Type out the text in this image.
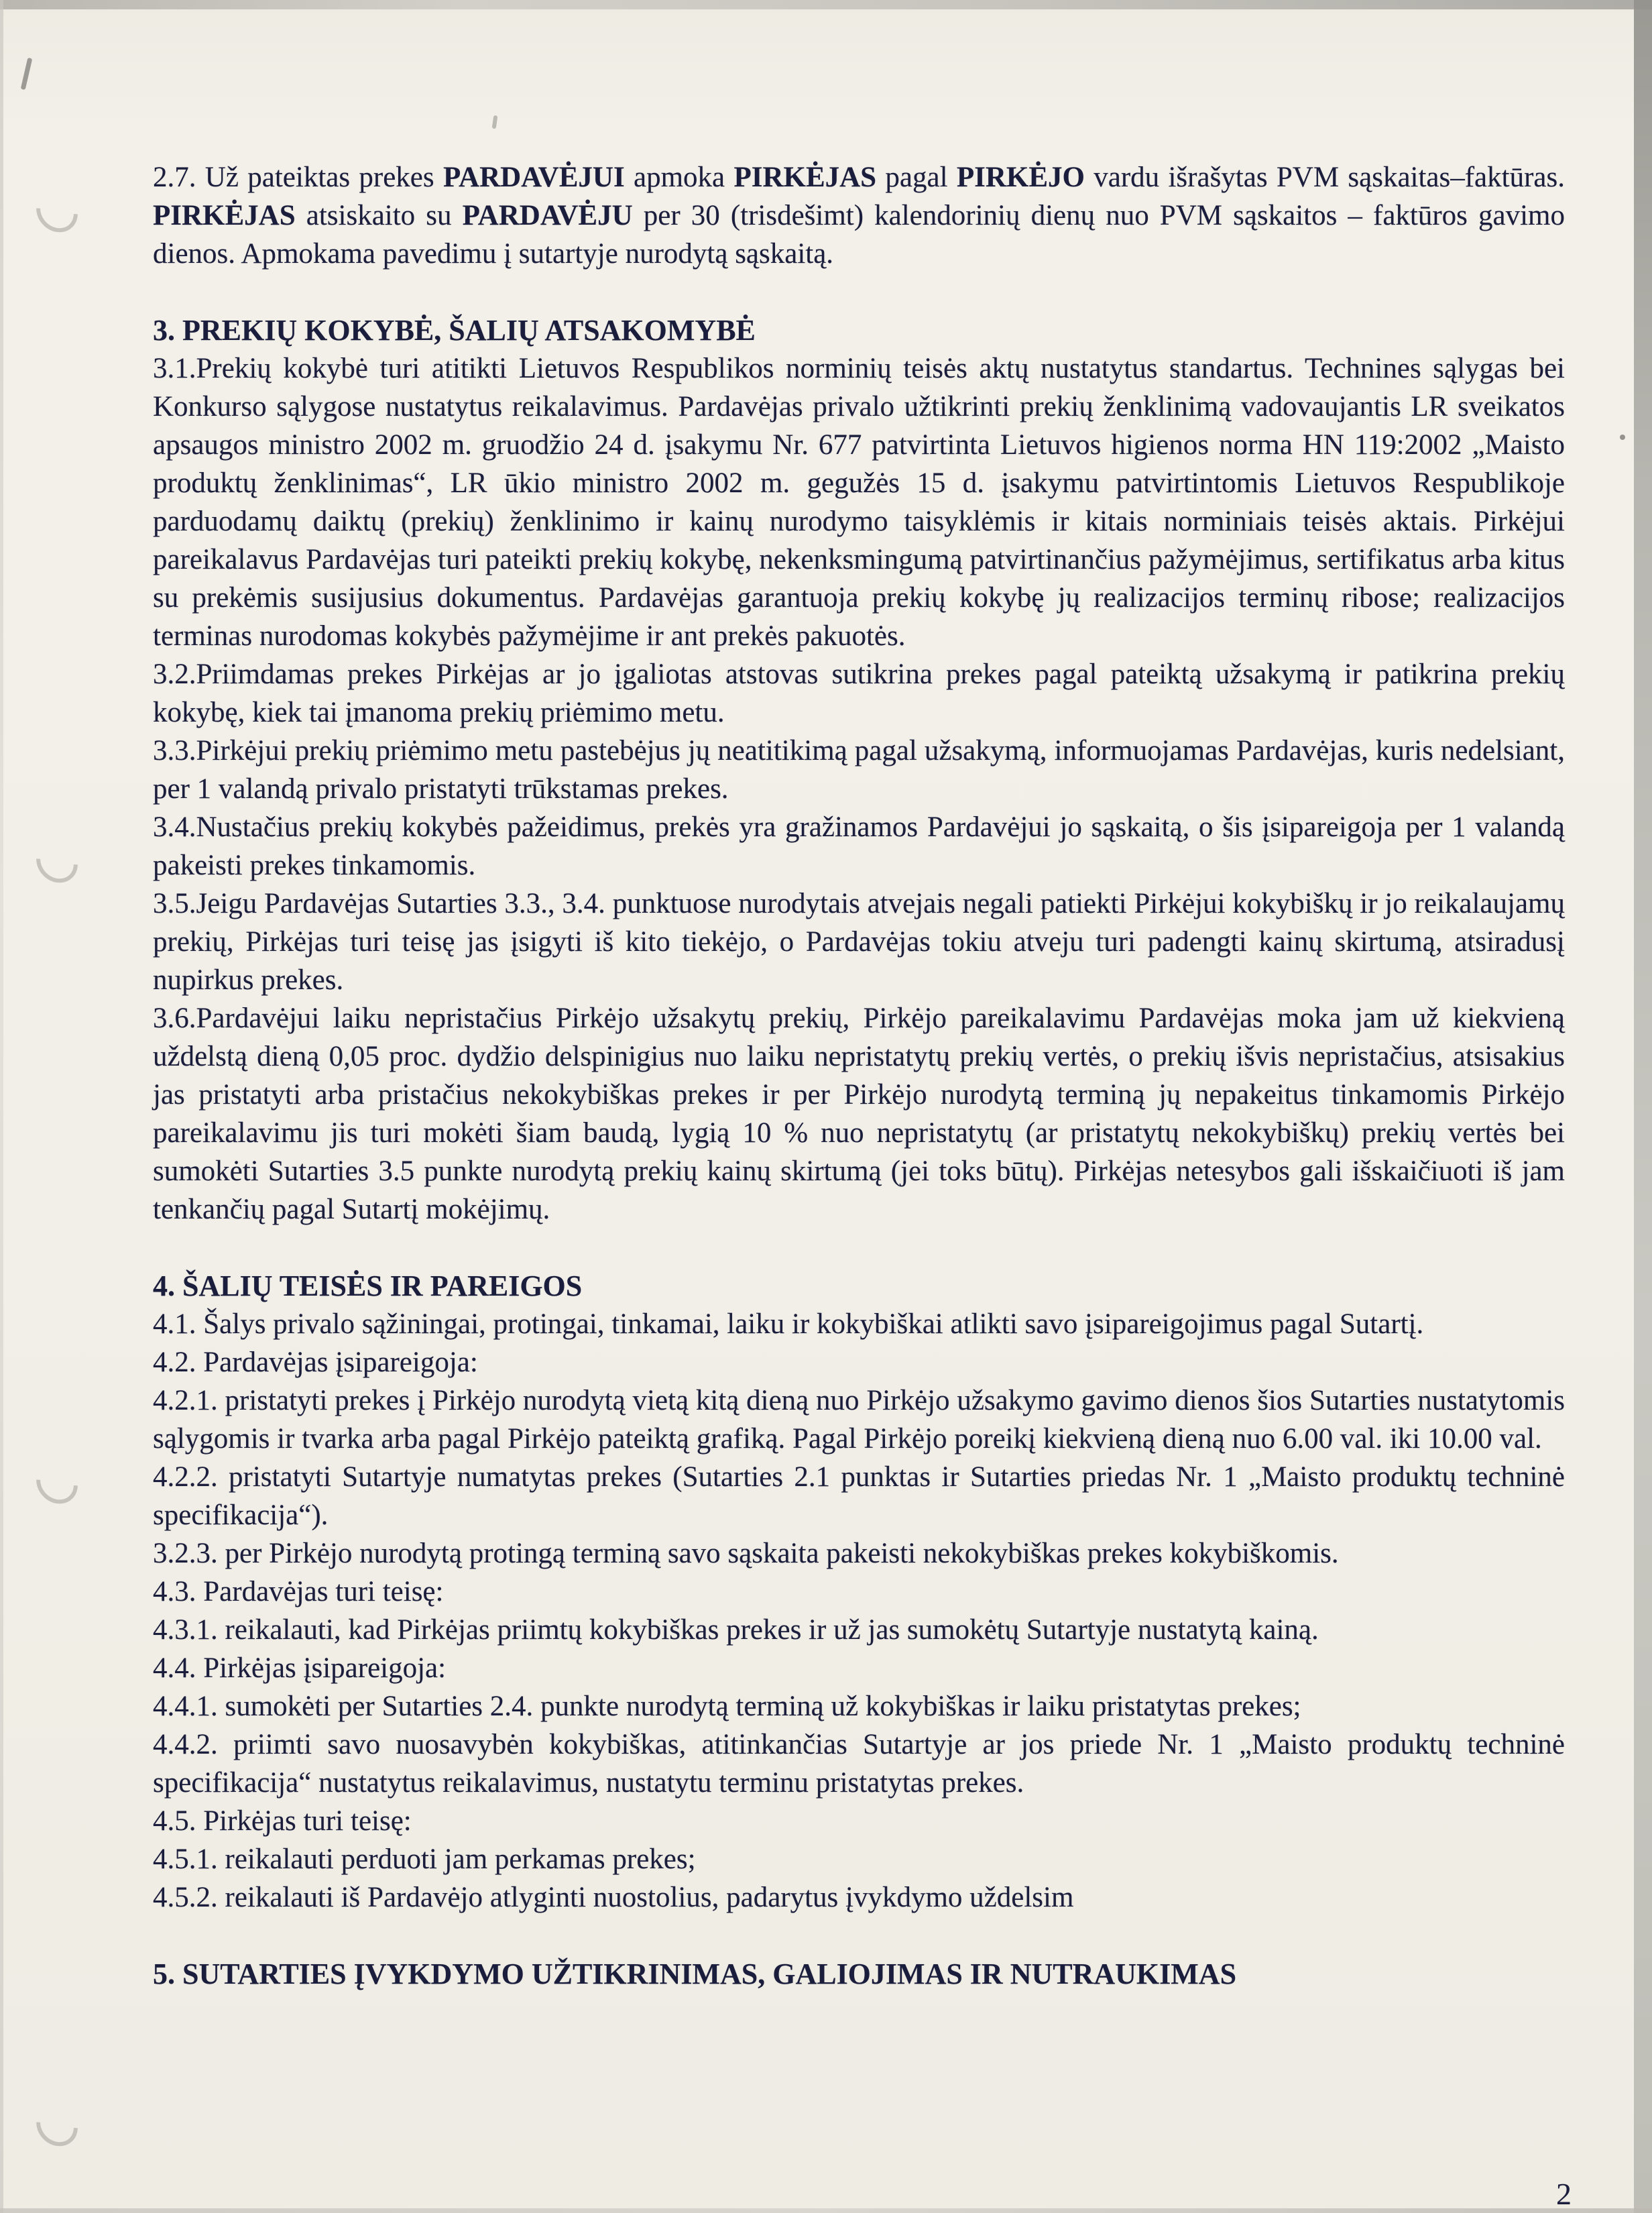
2.7. Už pateiktas prekes PARDAVĖJUI apmoka PIRKĖJAS pagal PIRKĖJO vardu išrašytas PVM sąskaitas–faktūras. PIRKĖJAS atsiskaito su PARDAVĖJU per 30 (trisdešimt) kalendorinių dienų nuo PVM sąskaitos – faktūros gavimo dienos. Apmokama pavedimu į sutartyje nurodytą sąskaitą.

3. PREKIŲ KOKYBĖ, ŠALIŲ ATSAKOMYBĖ

3.1.Prekių kokybė turi atitikti Lietuvos Respublikos norminių teisės aktų nustatytus standartus. Technines sąlygas bei Konkurso sąlygose nustatytus reikalavimus. Pardavėjas privalo užtikrinti prekių ženklinimą vadovaujantis LR sveikatos apsaugos ministro 2002 m. gruodžio 24 d. įsakymu Nr. 677 patvirtinta Lietuvos higienos norma HN 119:2002 „Maisto produktų ženklinimas“, LR ūkio ministro 2002 m. gegužės 15 d. įsakymu patvirtintomis Lietuvos Respublikoje parduodamų daiktų (prekių) ženklinimo ir kainų nurodymo taisyklėmis ir kitais norminiais teisės aktais. Pirkėjui pareikalavus Pardavėjas turi pateikti prekių kokybę, nekenksmingumą patvirtinančius pažymėjimus, sertifikatus arba kitus su prekėmis susijusius dokumentus. Pardavėjas garantuoja prekių kokybę jų realizacijos terminų ribose; realizacijos terminas nurodomas kokybės pažymėjime ir ant prekės pakuotės.

3.2.Priimdamas prekes Pirkėjas ar jo įgaliotas atstovas sutikrina prekes pagal pateiktą užsakymą ir patikrina prekių kokybę, kiek tai įmanoma prekių priėmimo metu.

3.3.Pirkėjui prekių priėmimo metu pastebėjus jų neatitikimą pagal užsakymą, informuojamas Pardavėjas, kuris nedelsiant, per 1 valandą privalo pristatyti trūkstamas prekes.

3.4.Nustačius prekių kokybės pažeidimus, prekės yra gražinamos Pardavėjui jo sąskaitą, o šis įsipareigoja per 1 valandą pakeisti prekes tinkamomis.

3.5.Jeigu Pardavėjas Sutarties 3.3., 3.4. punktuose nurodytais atvejais negali patiekti Pirkėjui kokybiškų ir jo reikalaujamų prekių, Pirkėjas turi teisę jas įsigyti iš kito tiekėjo, o Pardavėjas tokiu atveju turi padengti kainų skirtumą, atsiradusį nupirkus prekes.

3.6.Pardavėjui laiku nepristačius Pirkėjo užsakytų prekių, Pirkėjo pareikalavimu Pardavėjas moka jam už kiekvieną uždelstą dieną 0,05 proc. dydžio delspinigius nuo laiku nepristatytų prekių vertės, o prekių išvis nepristačius, atsisakius jas pristatyti arba pristačius nekokybiškas prekes ir per Pirkėjo nurodytą terminą jų nepakeitus tinkamomis Pirkėjo pareikalavimu jis turi mokėti šiam baudą, lygią 10 % nuo nepristatytų (ar pristatytų nekokybiškų) prekių vertės bei sumokėti Sutarties 3.5 punkte nurodytą prekių kainų skirtumą (jei toks būtų). Pirkėjas netesybos gali išskaičiuoti iš jam tenkančių pagal Sutartį mokėjimų.

4. ŠALIŲ TEISĖS IR PAREIGOS

4.1. Šalys privalo sąžiningai, protingai, tinkamai, laiku ir kokybiškai atlikti savo įsipareigojimus pagal Sutartį.

4.2. Pardavėjas įsipareigoja:

4.2.1. pristatyti prekes į Pirkėjo nurodytą vietą kitą dieną nuo Pirkėjo užsakymo gavimo dienos šios Sutarties nustatytomis sąlygomis ir tvarka arba pagal Pirkėjo pateiktą grafiką. Pagal Pirkėjo poreikį kiekvieną dieną nuo 6.00 val. iki 10.00 val.

4.2.2. pristatyti Sutartyje numatytas prekes (Sutarties 2.1 punktas ir Sutarties priedas Nr. 1 „Maisto produktų techninė specifikacija“).

3.2.3. per Pirkėjo nurodytą protingą terminą savo sąskaita pakeisti nekokybiškas prekes kokybiškomis.

4.3. Pardavėjas turi teisę:

4.3.1. reikalauti, kad Pirkėjas priimtų kokybiškas prekes ir už jas sumokėtų Sutartyje nustatytą kainą.

4.4. Pirkėjas įsipareigoja:

4.4.1. sumokėti per Sutarties 2.4. punkte nurodytą terminą už kokybiškas ir laiku pristatytas prekes;

4.4.2. priimti savo nuosavybėn kokybiškas, atitinkančias Sutartyje ar jos priede Nr. 1 „Maisto produktų techninė specifikacija“ nustatytus reikalavimus, nustatytu terminu pristatytas prekes.

4.5. Pirkėjas turi teisę:

4.5.1. reikalauti perduoti jam perkamas prekes;

4.5.2. reikalauti iš Pardavėjo atlyginti nuostolius, padarytus įvykdymo uždelsim

5. SUTARTIES ĮVYKDYMO UŽTIKRINIMAS, GALIOJIMAS IR NUTRAUKIMAS
2
